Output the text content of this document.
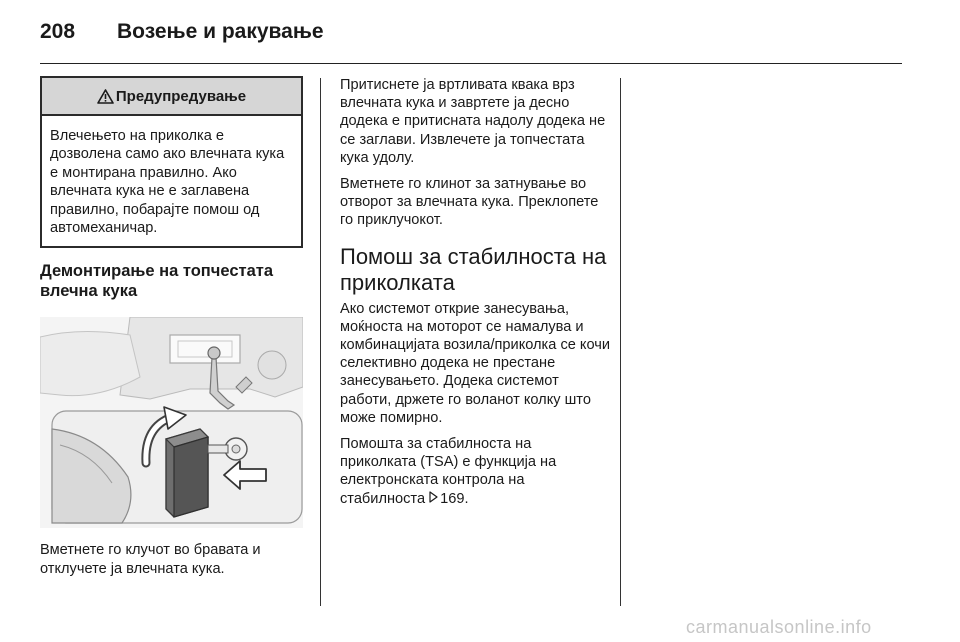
208 Возење и ракување
Предупредување
Влечењето на приколка е дозволена само ако влечната кука е монтирана правилно. Ако влечната кука не е заглавена правилно, побарајте помош од автомеханичар.
Демонтирање на топчестата влечна кука
Вметнете го клучот во бравата и отклучете ја влечната кука.

Притиснете ја вртливата квака врз влечната кука и завртете ја десно додека е притисната надолу додека не се заглави. Извлечете ја топчестата кука удолу.

Вметнете го клинот за затнување во отворот за влечната кука. Преклопете го приклучокот.

Помош за стабилноста на приколката

Ако системот открие занесувања, моќноста на моторот се намалува и комбинацијата возила/приколка се кочи селективно додека не престане занесувањето. Додека системот работи, држете го воланот колку што може помирно.

Помошта за стабилноста на приколката (TSA) е функција на електронската контрола на стабилноста 169.

carmanualsonline.info
